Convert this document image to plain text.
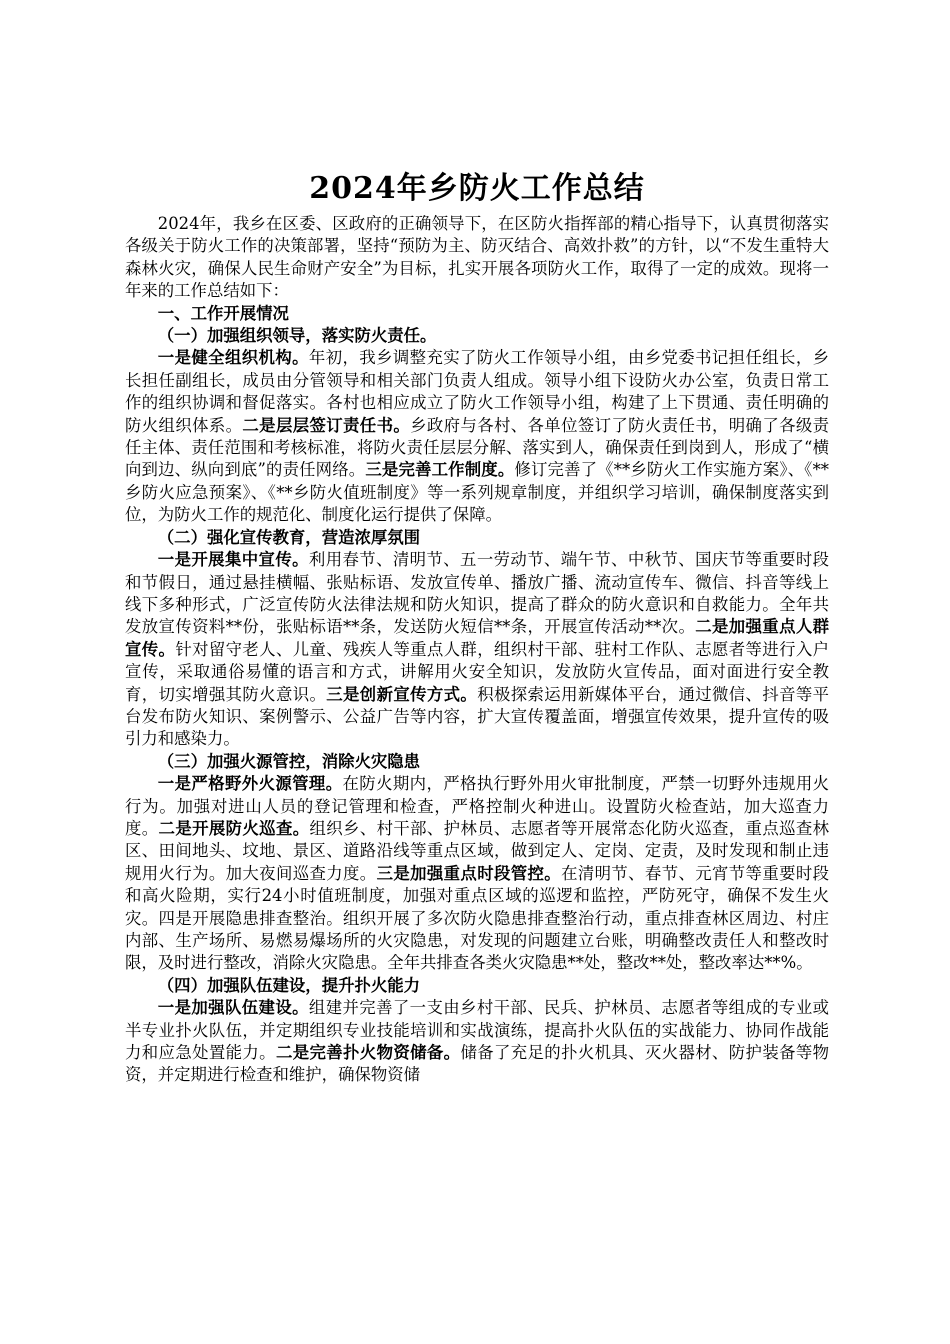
2024年乡防火工作总结

2024年，我乡在区委、区政府的正确领导下，在区防火指挥部的精心指导下，认真贯彻落实各级关于防火工作的决策部署，坚持“预防为主、防灭结合、高效扑救”的方针，以“不发生重特大森林火灾，确保人民生命财产安全”为目标，扎实开展各项防火工作，取得了一定的成效。现将一年来的工作总结如下：

一、工作开展情况

（一）加强组织领导，落实防火责任。

一是健全组织机构。年初，我乡调整充实了防火工作领导小组，由乡党委书记担任组长，乡长担任副组长，成员由分管领导和相关部门负责人组成。领导小组下设防火办公室，负责日常工作的组织协调和督促落实。各村也相应成立了防火工作领导小组，构建了上下贯通、责任明确的防火组织体系。二是层层签订责任书。乡政府与各村、各单位签订了防火责任书，明确了各级责任主体、责任范围和考核标准，将防火责任层层分解、落实到人，确保责任到岗到人，形成了“横向到边、纵向到底”的责任网络。三是完善工作制度。修订完善了《**乡防火工作实施方案》、《**乡防火应急预案》、《**乡防火值班制度》等一系列规章制度，并组织学习培训，确保制度落实到位，为防火工作的规范化、制度化运行提供了保障。

（二）强化宣传教育，营造浓厚氛围

一是开展集中宣传。利用春节、清明节、五一劳动节、端午节、中秋节、国庆节等重要时段和节假日，通过悬挂横幅、张贴标语、发放宣传单、播放广播、流动宣传车、微信、抖音等线上线下多种形式，广泛宣传防火法律法规和防火知识，提高了群众的防火意识和自救能力。全年共发放宣传资料**份，张贴标语**条，发送防火短信**条，开展宣传活动**次。二是加强重点人群宣传。针对留守老人、儿童、残疾人等重点人群，组织村干部、驻村工作队、志愿者等进行入户宣传，采取通俗易懂的语言和方式，讲解用火安全知识，发放防火宣传品，面对面进行安全教育，切实增强其防火意识。三是创新宣传方式。积极探索运用新媒体平台，通过微信、抖音等平台发布防火知识、案例警示、公益广告等内容，扩大宣传覆盖面，增强宣传效果，提升宣传的吸引力和感染力。

（三）加强火源管控，消除火灾隐患

一是严格野外火源管理。在防火期内，严格执行野外用火审批制度，严禁一切野外违规用火行为。加强对进山人员的登记管理和检查，严格控制火种进山。设置防火检查站，加大巡查力度。二是开展防火巡查。组织乡、村干部、护林员、志愿者等开展常态化防火巡查，重点巡查林区、田间地头、坟地、景区、道路沿线等重点区域，做到定人、定岗、定责，及时发现和制止违规用火行为。加大夜间巡查力度。三是加强重点时段管控。在清明节、春节、元宵节等重要时段和高火险期，实行24小时值班制度，加强对重点区域的巡逻和监控，严防死守，确保不发生火灾。四是开展隐患排查整治。组织开展了多次防火隐患排查整治行动，重点排查林区周边、村庄内部、生产场所、易燃易爆场所的火灾隐患，对发现的问题建立台账，明确整改责任人和整改时限，及时进行整改，消除火灾隐患。全年共排查各类火灾隐患**处，整改**处，整改率达**%。

（四）加强队伍建设，提升扑火能力

一是加强队伍建设。组建并完善了一支由乡村干部、民兵、护林员、志愿者等组成的专业或半专业扑火队伍，并定期组织专业技能培训和实战演练，提高扑火队伍的实战能力、协同作战能力和应急处置能力。二是完善扑火物资储备。储备了充足的扑火机具、灭火器材、防护装备等物资，并定期进行检查和维护，确保物资储
